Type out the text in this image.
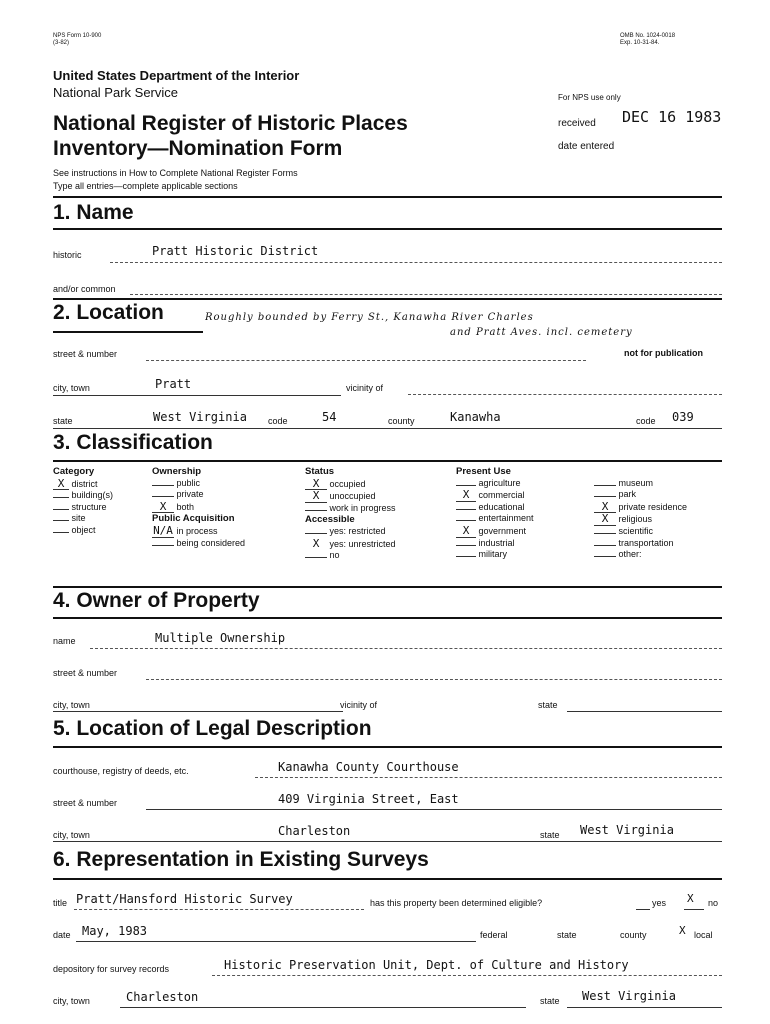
NPS Form 10-900
(3-82)
OMB No. 1024-0018
Exp. 10-31-84.
United States Department of the Interior
National Park Service
National Register of Historic Places
Inventory—Nomination Form
See instructions in How to Complete National Register Forms
Type all entries—complete applicable sections
For NPS use only
received DEC 16 1983
date entered
1. Name
historic	Pratt Historic District
and/or common
2. Location	Roughly bounded by Ferry St., Kanawha River Charles
and Pratt Aves. incl. cemetery
street & number	not for publication
city, town	Pratt	vicinity of
state	West Virginia code	54	county	Kanawha	code 039
3. Classification
Category
X district
building(s)
structure
site
object
Ownership
public
private
X both
Public Acquisition
N/A in process
being considered
Status
X occupied
X unoccupied
work in progress
Accessible
yes: restricted
X yes: unrestricted
no
Present Use
agriculture
X commercial
educational
entertainment
X government
industrial
military
museum
park
X private residence
X religious
scientific
transportation
other:
4. Owner of Property
name	Multiple Ownership
street & number
city, town	vicinity of	state
5. Location of Legal Description
courthouse, registry of deeds, etc.	Kanawha County Courthouse
street & number	409 Virginia Street, East
city, town	Charleston	state West Virginia
6. Representation in Existing Surveys
title Pratt/Hansford Historic Survey	has this property been determined eligible?	yes X no
date May, 1983	federal	state	county	X local
depository for survey records	Historic Preservation Unit, Dept. of Culture and History
city, town	Charleston	state West Virginia
